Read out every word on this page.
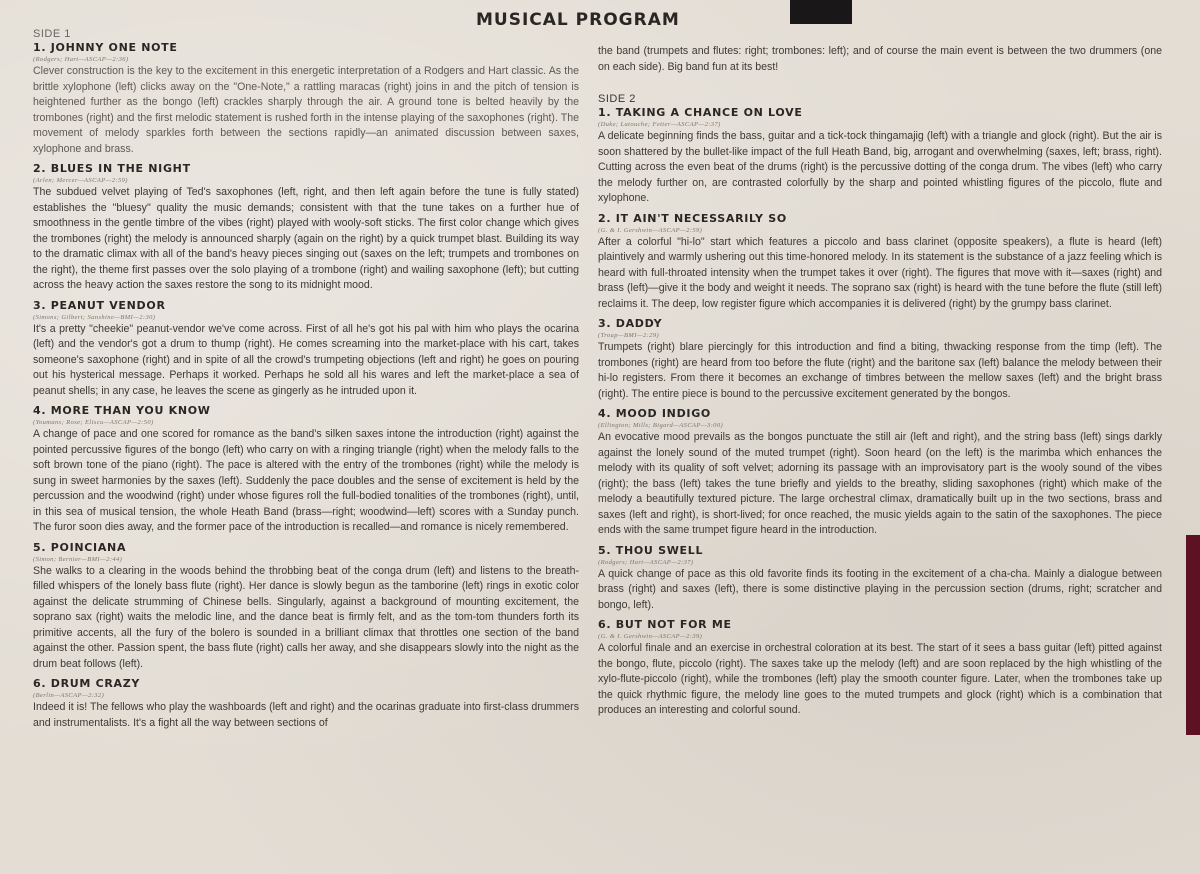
MUSICAL PROGRAM

SIDE 1

1. JOHNNY ONE NOTE

(Rodgers; Hart—ASCAP—2:36)

Clever construction is the key to the excitement in this energetic interpretation of a Rodgers and Hart classic. As the brittle xylophone (left) clicks away on the "One-Note," a rattling maracas (right) joins in and the pitch of tension is heightened further as the bongo (left) crackles sharply through the air. A ground tone is belted heavily by the trombones (right) and the first melodic statement is rushed forth in the intense playing of the saxophones (right). The movement of melody sparkles forth between the sections rapidly—an animated discussion between saxes, xylophone and brass.

2. BLUES IN THE NIGHT

(Arlen; Mercer—ASCAP—2:59)

The subdued velvet playing of Ted's saxophones (left, right, and then left again before the tune is fully stated) establishes the "bluesy" quality the music demands; consistent with that the tune takes on a further hue of smoothness in the gentle timbre of the vibes (right) played with wooly-soft sticks. The first color change which gives the trombones (right) the melody is announced sharply (again on the right) by a quick trumpet blast. Building its way to the dramatic climax with all of the band's heavy pieces singing out (saxes on the left; trumpets and trombones on the right), the theme first passes over the solo playing of a trombone (right) and wailing saxophone (left); but cutting across the heavy action the saxes restore the song to its midnight mood.

3. PEANUT VENDOR

(Simons; Gilbert; Sunshine—BMI—2:30)

It's a pretty "cheekie" peanut-vendor we've come across. First of all he's got his pal with him who plays the ocarina (left) and the vendor's got a drum to thump (right). He comes screaming into the market-place with his cart, takes someone's saxophone (right) and in spite of all the crowd's trumpeting objections (left and right) he goes on pouring out his hysterical message. Perhaps it worked. Perhaps he sold all his wares and left the market-place a sea of peanut shells; in any case, he leaves the scene as gingerly as he intruded upon it.

4. MORE THAN YOU KNOW

(Youmans; Rose; Eliscu—ASCAP—2:50)

A change of pace and one scored for romance as the band's silken saxes intone the introduction (right) against the pointed percussive figures of the bongo (left) who carry on with a ringing triangle (right) when the melody falls to the soft brown tone of the piano (right). The pace is altered with the entry of the trombones (right) while the melody is sung in sweet harmonies by the saxes (left). Suddenly the pace doubles and the sense of excitement is held by the percussion and the woodwind (right) under whose figures roll the full-bodied tonalities of the trombones (right), until, in this sea of musical tension, the whole Heath Band (brass—right; woodwind—left) scores with a Sunday punch. The furor soon dies away, and the former pace of the introduction is recalled—and romance is nicely remembered.

5. POINCIANA

(Simon; Bernier—BMI—2:44)

She walks to a clearing in the woods behind the throbbing beat of the conga drum (left) and listens to the breath-filled whispers of the lonely bass flute (right). Her dance is slowly begun as the tamborine (left) rings in exotic color against the delicate strumming of Chinese bells. Singularly, against a background of mounting excitement, the soprano sax (right) waits the melodic line, and the dance beat is firmly felt, and as the tom-tom thunders forth its primitive accents, all the fury of the bolero is sounded in a brilliant climax that throttles one section of the band against the other. Passion spent, the bass flute (right) calls her away, and she disappears slowly into the night as the drum beat follows (left).

6. DRUM CRAZY

(Berlin—ASCAP—2:32)

Indeed it is! The fellows who play the washboards (left and right) and the ocarinas graduate into first-class drummers and instrumentalists. It's a fight all the way between sections of

the band (trumpets and flutes: right; trombones: left); and of course the main event is between the two drummers (one on each side). Big band fun at its best!

SIDE 2

1. TAKING A CHANCE ON LOVE

(Duke; Latouche; Fetter—ASCAP—2:37)

A delicate beginning finds the bass, guitar and a tick-tock thingamajig (left) with a triangle and glock (right). But the air is soon shattered by the bullet-like impact of the full Heath Band, big, arrogant and overwhelming (saxes, left; brass, right). Cutting across the even beat of the drums (right) is the percussive dotting of the conga drum. The vibes (left) who carry the melody further on, are contrasted colorfully by the sharp and pointed whistling figures of the piccolo, flute and xylophone.

2. IT AIN'T NECESSARILY SO

(G. & I. Gershwin—ASCAP—2:59)

After a colorful "hi-lo" start which features a piccolo and bass clarinet (opposite speakers), a flute is heard (left) plaintively and warmly ushering out this time-honored melody. In its statement is the substance of a jazz feeling which is heard with full-throated intensity when the trumpet takes it over (right). The figures that move with it—saxes (right) and brass (left)—give it the body and weight it needs. The soprano sax (right) is heard with the tune before the flute (still left) reclaims it. The deep, low register figure which accompanies it is delivered (right) by the grumpy bass clarinet.

3. DADDY

(Troup—BMI—2:29)

Trumpets (right) blare piercingly for this introduction and find a biting, thwacking response from the timp (left). The trombones (right) are heard from too before the flute (right) and the baritone sax (left) balance the melody between their hi-lo registers. From there it becomes an exchange of timbres between the mellow saxes (left) and the bright brass (right). The entire piece is bound to the percussive excitement generated by the bongos.

4. MOOD INDIGO

(Ellington; Mills; Bigard—ASCAP—3:00)

An evocative mood prevails as the bongos punctuate the still air (left and right), and the string bass (left) sings darkly against the lonely sound of the muted trumpet (right). Soon heard (on the left) is the marimba which enhances the melody with its quality of soft velvet; adorning its passage with an improvisatory part is the wooly sound of the vibes (right); the bass (left) takes the tune briefly and yields to the breathy, sliding saxophones (right) which make of the melody a beautifully textured picture. The large orchestral climax, dramatically built up in the two sections, brass and saxes (left and right), is short-lived; for once reached, the music yields again to the satin of the saxophones. The piece ends with the same trumpet figure heard in the introduction.

5. THOU SWELL

(Rodgers; Hart—ASCAP—2:37)

A quick change of pace as this old favorite finds its footing in the excitement of a cha-cha. Mainly a dialogue between brass (right) and saxes (left), there is some distinctive playing in the percussion section (drums, right; scratcher and bongo, left).

6. BUT NOT FOR ME

(G. & I. Gershwin—ASCAP—2:39)

A colorful finale and an exercise in orchestral coloration at its best. The start of it sees a bass guitar (left) pitted against the bongo, flute, piccolo (right). The saxes take up the melody (left) and are soon replaced by the high whistling of the xylo-flute-piccolo (right), while the trombones (left) play the smooth counter figure. Later, when the trombones take up the quick rhythmic figure, the melody line goes to the muted trumpets and glock (right) which is a combination that produces an interesting and colorful sound.
